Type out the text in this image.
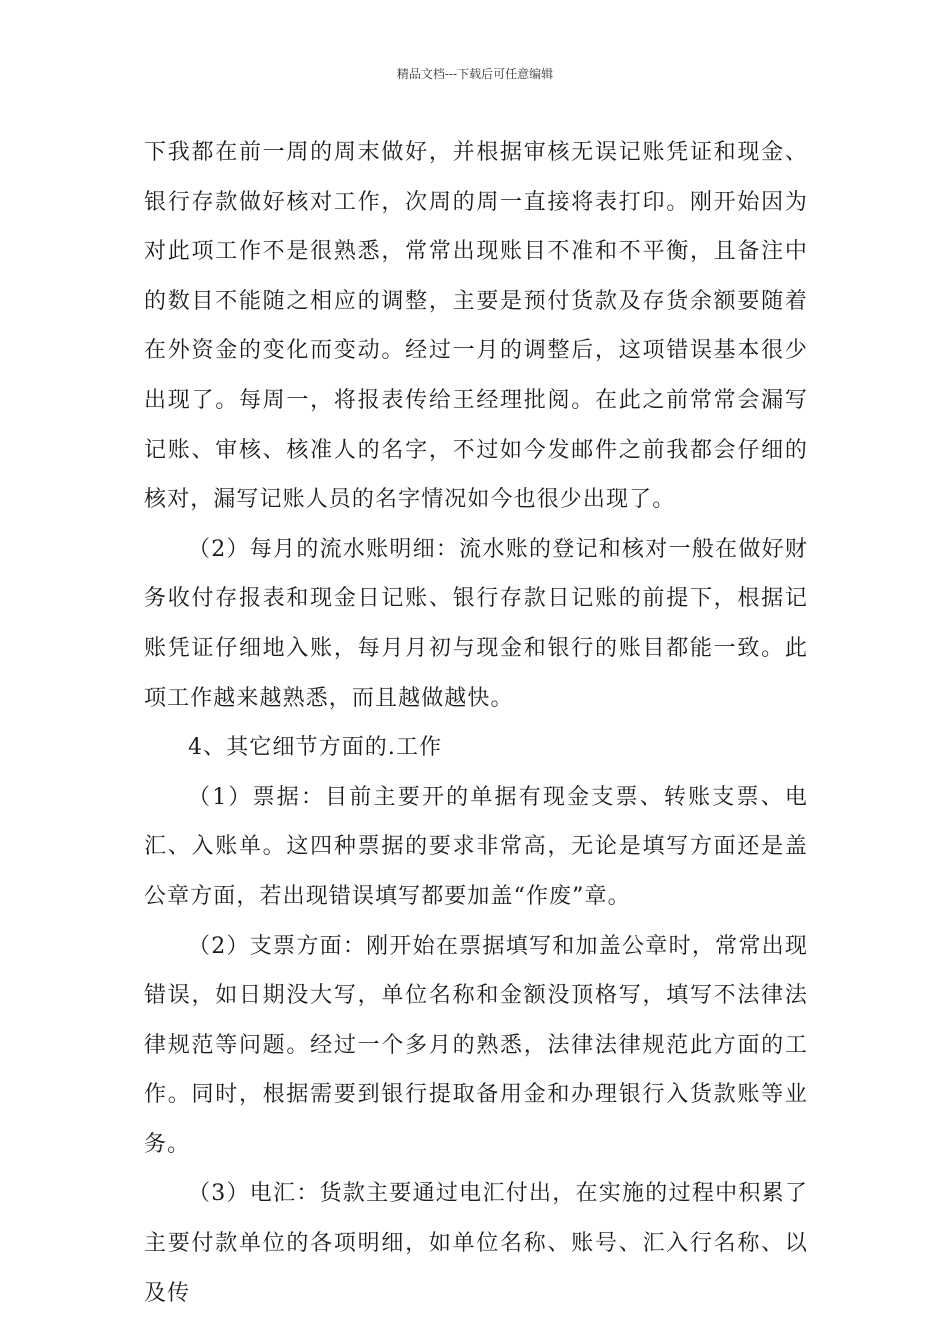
精品文档---下载后可任意编辑

下我都在前一周的周末做好，并根据审核无误记账凭证和现金、银行存款做好核对工作，次周的周一直接将表打印。刚开始因为对此项工作不是很熟悉，常常出现账目不准和不平衡，且备注中的数目不能随之相应的调整，主要是预付货款及存货余额要随着在外资金的变化而变动。经过一月的调整后，这项错误基本很少出现了。每周一，将报表传给王经理批阅。在此之前常常会漏写记账、审核、核准人的名字，不过如今发邮件之前我都会仔细的核对，漏写记账人员的名字情况如今也很少出现了。

（2）每月的流水账明细：流水账的登记和核对一般在做好财务收付存报表和现金日记账、银行存款日记账的前提下，根据记账凭证仔细地入账，每月月初与现金和银行的账目都能一致。此项工作越来越熟悉，而且越做越快。

4、其它细节方面的.工作

（1）票据：目前主要开的单据有现金支票、转账支票、电汇、入账单。这四种票据的要求非常高，无论是填写方面还是盖公章方面，若出现错误填写都要加盖“作废”章。

（2）支票方面：刚开始在票据填写和加盖公章时，常常出现错误，如日期没大写，单位名称和金额没顶格写，填写不法律法律规范等问题。经过一个多月的熟悉，法律法律规范此方面的工作。同时，根据需要到银行提取备用金和办理银行入货款账等业务。

（3）电汇：货款主要通过电汇付出，在实施的过程中积累了主要付款单位的各项明细，如单位名称、账号、汇入行名称、以及传
